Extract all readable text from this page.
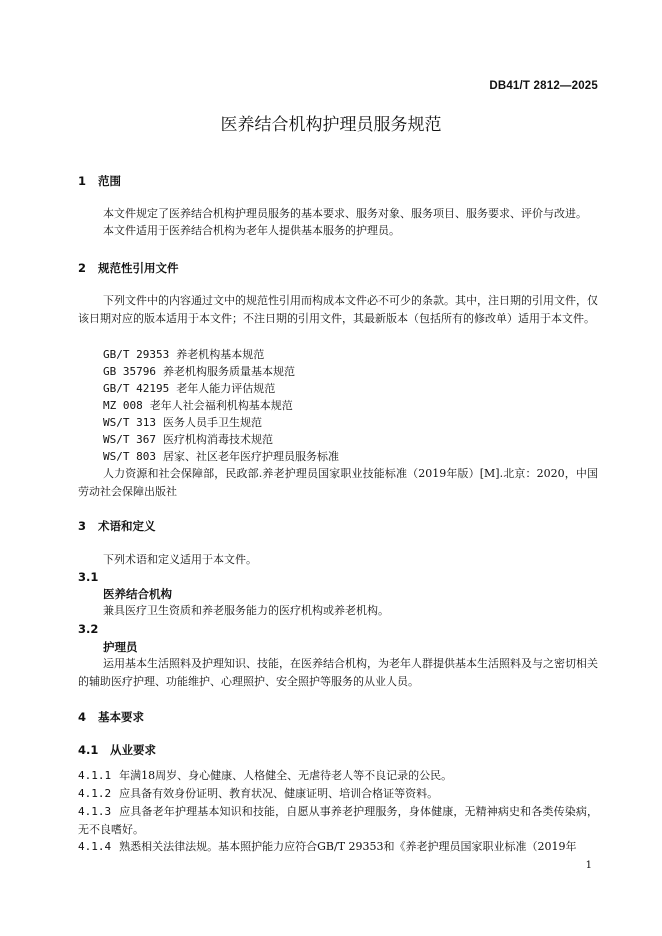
DB41/T 2812—2025
医养结合机构护理员服务规范
1 范围
本文件规定了医养结合机构护理员服务的基本要求、服务对象、服务项目、服务要求、评价与改进。
本文件适用于医养结合机构为老年人提供基本服务的护理员。
2 规范性引用文件
下列文件中的内容通过文中的规范性引用而构成本文件必不可少的条款。其中，注日期的引用文件，仅该日期对应的版本适用于本文件；不注日期的引用文件，其最新版本（包括所有的修改单）适用于本文件。
GB/T 29353 养老机构基本规范
GB 35796 养老机构服务质量基本规范
GB/T 42195 老年人能力评估规范
MZ 008 老年人社会福利机构基本规范
WS/T 313 医务人员手卫生规范
WS/T 367 医疗机构消毒技术规范
WS/T 803 居家、社区老年医疗护理员服务标准
人力资源和社会保障部，民政部.养老护理员国家职业技能标准（2019年版）[M].北京：2020，中国劳动社会保障出版社
3 术语和定义
下列术语和定义适用于本文件。
3.1
医养结合机构
兼具医疗卫生资质和养老服务能力的医疗机构或养老机构。
3.2
护理员
运用基本生活照料及护理知识、技能，在医养结合机构，为老年人群提供基本生活照料及与之密切相关的辅助医疗护理、功能维护、心理照护、安全照护等服务的从业人员。
4 基本要求
4.1 从业要求
4.1.1 年满18周岁、身心健康、人格健全、无虐待老人等不良记录的公民。
4.1.2 应具备有效身份证明、教育状况、健康证明、培训合格证等资料。
4.1.3 应具备老年护理基本知识和技能，自愿从事养老护理服务，身体健康，无精神病史和各类传染病，无不良嗜好。
4.1.4 熟悉相关法律法规。基本照护能力应符合GB/T 29353和《养老护理员国家职业标准（2019年
1
